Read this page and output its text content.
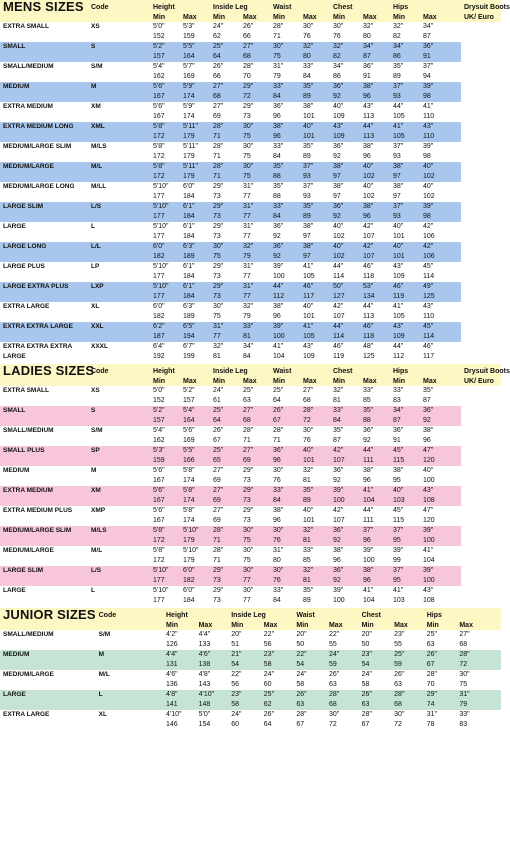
MENS SIZES	Code	Height		Inside Leg		Waist		Chest		Hips		Drysuit Boots
		Min	Max	Min	Max	Min	Max	Min	Max	Min	Max	UK/ Euro
EXTRA SMALL	XS	5'0"	5'3"	24"	26"	28"	30"	30"	32"	32"	34"	
		152	159	62	66	71	76	76	80	82	87	
SMALL	S	5'2"	5'5"	25"	27"	30"	32"	32"	34"	34"	36"	
		157	164	64	68	75	80	82	87	86	91	
SMALL/MEDIUM	S/M	5'4"	5'7"	26"	28"	31"	33"	34"	36"	35"	37"	
		162	169	66	70	79	84	86	91	89	94	
MEDIUM	M	5'6"	5'9"	27"	29"	33"	35"	36"	38"	37"	39"	
		167	174	68	72	84	89	92	96	93	98	
EXTRA MEDIUM	XM	5'6"	5'9"	27"	29"	36"	38"	40"	43"	44"	41"	
		167	174	69	73	96	101	109	113	105	110	
EXTRA MEDIUM LONG	XML	5'8"	5'11"	28"	30"	38"	40"	43"	44"	41"	43"	
		172	179	71	75	96	101	109	113	105	110	
MEDIUM/LARGE SLIM	M/LS	5'8"	5'11"	28"	30"	33"	35"	36"	38"	37"	39"	
		172	179	71	75	84	89	92	96	93	98	
MEDIUM/LARGE	M/L	5'8"	5'11"	28"	30"	35"	37"	38"	40"	38"	40"	
		172	179	71	75	88	93	97	102	97	102	
MEDIUM/LARGE LONG	M/LL	5'10"	6'0"	29"	31"	35"	37"	38"	40"	38"	40"	
		177	184	73	77	88	93	97	102	97	102	
LARGE SLIM	L/S	5'10"	6'1"	29"	31"	33"	35"	36"	38"	37"	39"	
		177	184	73	77	84	89	92	96	93	98	
LARGE	L	5'10"	6'1"	29"	31"	36"	38"	40"	42"	40"	42"	
		177	184	73	77	92	97	102	107	101	106	
LARGE LONG	L/L	6'0"	6'3"	30"	32"	36"	38"	40"	42"	40"	42"	
		182	189	75	79	92	97	102	107	101	106	
LARGE PLUS	LP	5'10"	6'1"	29"	31"	39"	41"	44"	46"	43"	45"	
		177	184	73	77	100	105	114	118	109	114	
LARGE EXTRA PLUS	LXP	5'10"	6'1"	29"	31"	44"	46"	50"	53"	46"	49"	
		177	184	73	77	112	117	127	134	119	125	
EXTRA LARGE	XL	6'0"	6'3"	30"	32"	38"	40"	42"	44"	41"	43"	
		182	189	75	79	96	101	107	113	105	110	
EXTRA EXTRA LARGE	XXL	6'2"	6'5"	31"	33"	39"	41"	44"	46"	43"	45"	
		187	194	77	81	100	105	114	118	109	114	
EXTRA EXTRA EXTRA	XXXL	6'4"	6'7"	32"	34"	41"	43"	46"	48"	44"	46"	
LARGE		192	199	81	84	104	109	119	125	112	117	
LADIES SIZES	Code	Height		Inside Leg		Waist		Chest		Hips		Drysuit Boots
		Min	Max	Min	Max	Min	Max	Min	Max	Min	Max	UK/ Euro
EXTRA SMALL	XS	5'0"	5'2"	24"	25"	25"	27"	32"	33"	33"	35"	
		152	157	61	63	64	68	81	85	83	87	
SMALL	S	5'2"	5'4"	25"	27"	26"	28"	33"	35"	34"	36"	
		157	164	64	68	67	72	84	88	87	92	
SMALL/MEDIUM	S/M	5'4"	5'6"	26"	28"	28"	30"	35"	36"	36"	38"	
		162	169	67	71	71	76	87	92	91	96	
SMALL PLUS	SP	5'3"	5'5"	25"	27"	36"	40"	42"	44"	45"	47"	
		159	166	65	69	96	101	107	111	115	120	
MEDIUM	M	5'6"	5'8"	27"	29"	30"	32"	36"	38"	38"	40"	
		167	174	69	73	76	81	92	96	95	100	
EXTRA MEDIUM	XM	5'6"	5'8"	27"	29"	33"	35"	39"	41"	40"	43"	
		167	174	69	73	84	89	100	104	103	108	
EXTRA MEDIUM PLUS	XMP	5'6"	5'8"	27"	29"	38"	40"	42"	44"	45"	47"	
		167	174	69	73	96	101	107	111	115	120	
MEDIUM/LARGE SLIM	M/LS	5'8"	5'10"	28"	30"	30"	32"	36"	37"	37"	39"	
		172	179	71	75	76	81	92	96	95	100	
MEDIUM/LARGE	M/L	5'8"	5'10"	28"	30"	31"	33"	38"	39"	39"	41"	
		172	179	71	75	80	85	96	100	99	104	
LARGE SLIM	L/S	5'10"	6'0"	29"	30"	30"	32"	36"	38"	37"	39"	
		177	182	73	77	76	81	92	96	95	100	
LARGE	L	5'10"	6'0"	29"	30"	33"	35"	39"	41"	41"	43"	
		177	184	73	77	84	89	100	104	103	108	
JUNIOR SIZES	Code	Height		Inside Leg		Waist		Chest		Hips	
		Min	Max	Min	Max	Min	Max	Min	Max	Min	Max
SMALL/MEDIUM	S/M	4'2"	4'4"	20"	22"	20"	22"	20"	23"	25"	27"
		126	133	51	56	50	55	50	55	63	68
MEDIUM	M	4'4"	4'6"	21"	23"	22"	24"	23"	25"	26"	28"
		131	138	54	58	54	59	54	59	67	72
MEDIUM/LARGE	M/L	4'6"	4'8"	22"	24"	24"	26"	24"	26"	28"	30"
		136	143	56	60	58	63	58	63	70	75
LARGE	L	4'8"	4'10"	23"	25"	26"	28"	26"	28"	29"	31"
		141	148	58	62	63	68	63	68	74	79
EXTRA LARGE	XL	4'10"	5'0"	24"	26"	28"	30"	28"	30"	31"	33"
		146	154	60	64	67	72	67	72	78	83
